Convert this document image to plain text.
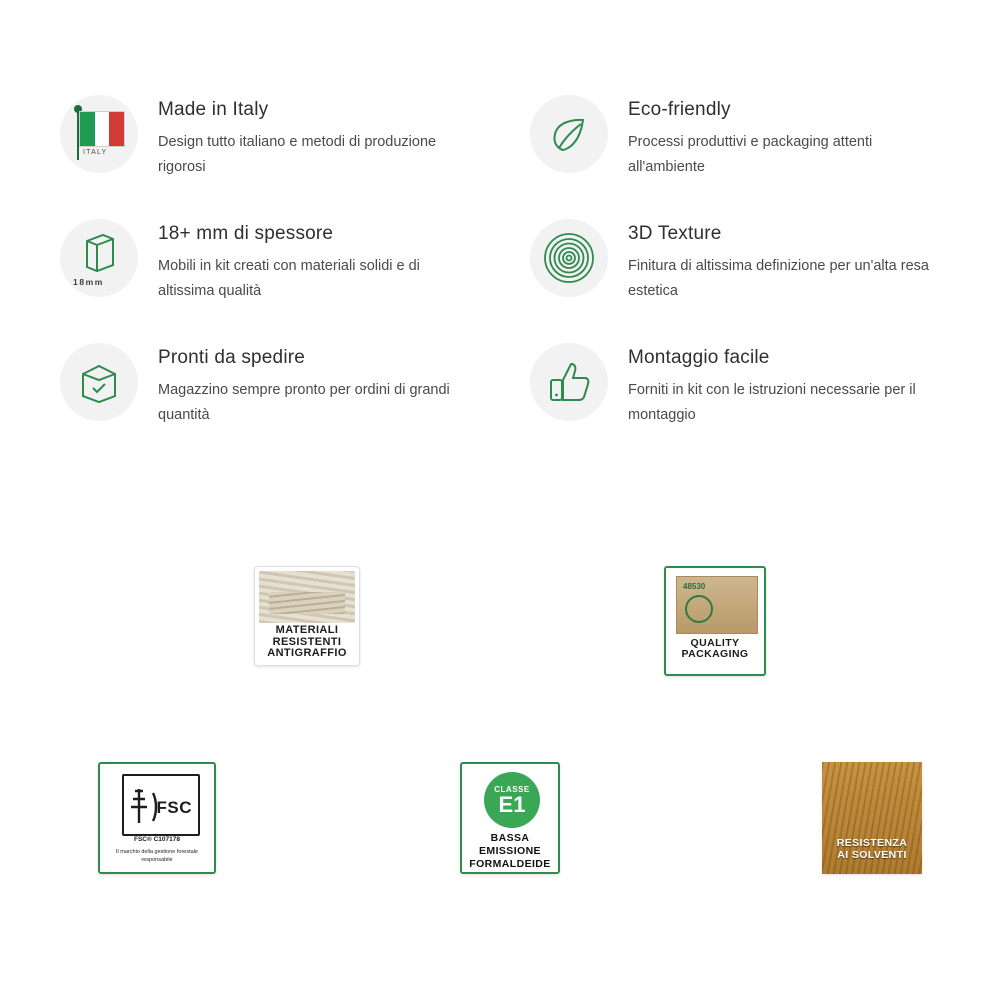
ITALY

Made in Italy

Design tutto italiano e metodi di produzione rigorosi

Eco-friendly

Processi produttivi e packaging attenti all'ambiente

18mm

18+ mm di spessore

Mobili in kit creati con materiali solidi e di altissima qualità

3D Texture

Finitura di altissima definizione per un'alta resa estetica

Pronti da spedire

Magazzino sempre pronto per ordini di grandi quantità

Montaggio facile

Forniti in kit con le istruzioni necessarie per il montaggio

MATERIALI
RESISTENTI
ANTIGRAFFIO
48530
QUALITY
PACKAGING
FSC
FSC® C107178
Il marchio della gestione forestale responsabile
CLASSE
E1
BASSA
EMISSIONE
FORMALDEIDE
RESISTENZA
AI SOLVENTI
